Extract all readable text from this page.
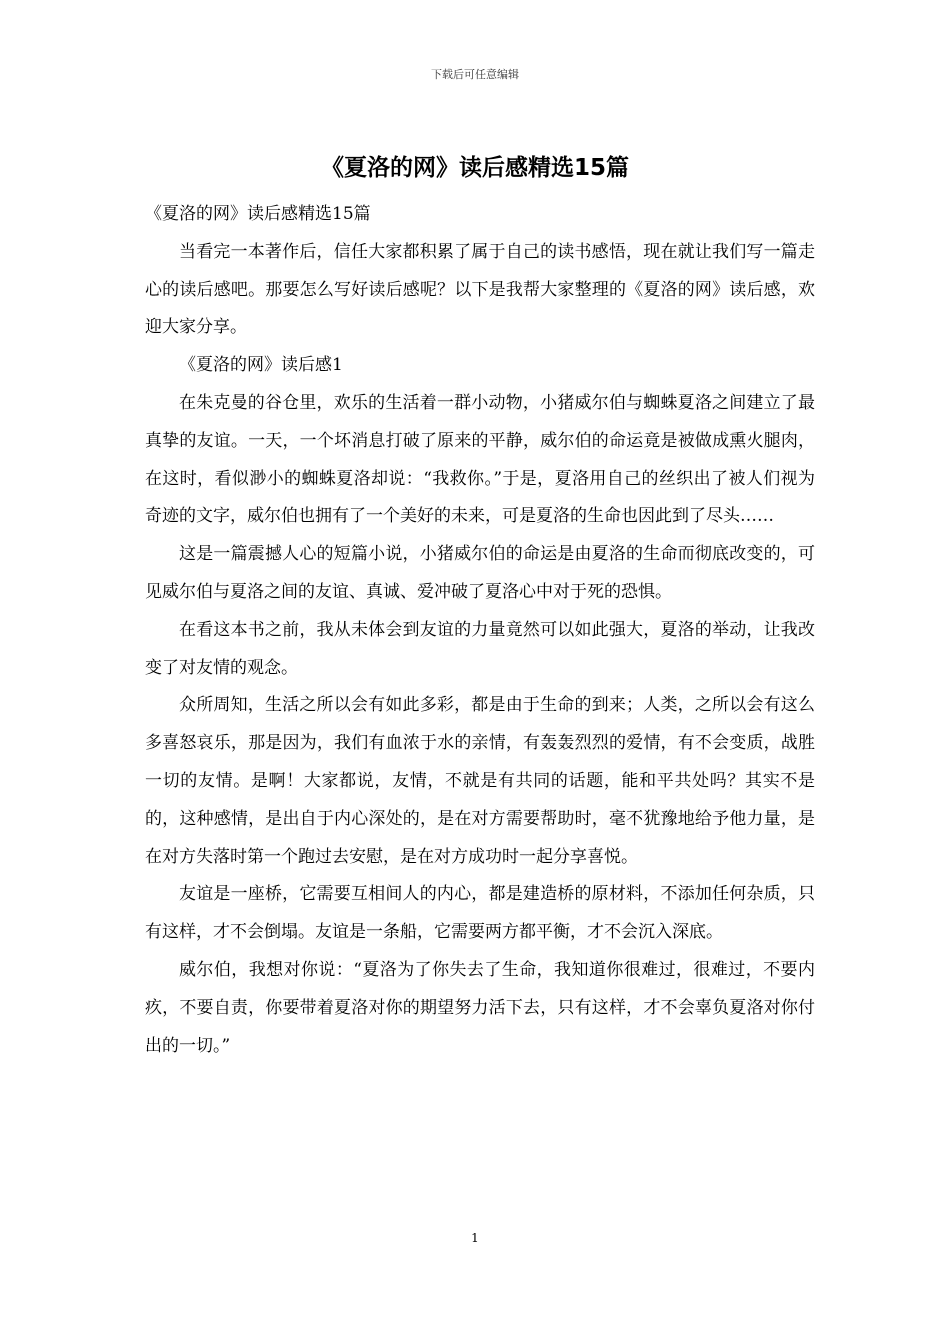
下载后可任意编辑
《夏洛的网》读后感精选15篇

《夏洛的网》读后感精选15篇

当看完一本著作后，信任大家都积累了属于自己的读书感悟，现在就让我们写一篇走心的读后感吧。那要怎么写好读后感呢？以下是我帮大家整理的《夏洛的网》读后感，欢迎大家分享。

《夏洛的网》读后感1

在朱克曼的谷仓里，欢乐的生活着一群小动物，小猪威尔伯与蜘蛛夏洛之间建立了最真挚的友谊。一天，一个坏消息打破了原来的平静，威尔伯的命运竟是被做成熏火腿肉，在这时，看似渺小的蜘蛛夏洛却说：“我救你。”于是，夏洛用自己的丝织出了被人们视为奇迹的文字，威尔伯也拥有了一个美好的未来，可是夏洛的生命也因此到了尽头……

这是一篇震撼人心的短篇小说，小猪威尔伯的命运是由夏洛的生命而彻底改变的，可见威尔伯与夏洛之间的友谊、真诚、爱冲破了夏洛心中对于死的恐惧。

在看这本书之前，我从未体会到友谊的力量竟然可以如此强大，夏洛的举动，让我改变了对友情的观念。

众所周知，生活之所以会有如此多彩，都是由于生命的到来；人类，之所以会有这么多喜怒哀乐，那是因为，我们有血浓于水的亲情，有轰轰烈烈的爱情，有不会变质，战胜一切的友情。是啊！大家都说，友情，不就是有共同的话题，能和平共处吗？其实不是的，这种感情，是出自于内心深处的，是在对方需要帮助时，毫不犹豫地给予他力量，是在对方失落时第一个跑过去安慰，是在对方成功时一起分享喜悦。

友谊是一座桥，它需要互相间人的内心，都是建造桥的原材料，不添加任何杂质，只有这样，才不会倒塌。友谊是一条船，它需要两方都平衡，才不会沉入深底。

威尔伯，我想对你说：“夏洛为了你失去了生命，我知道你很难过，很难过，不要内疚，不要自责，你要带着夏洛对你的期望努力活下去，只有这样，才不会辜负夏洛对你付出的一切。”

1
